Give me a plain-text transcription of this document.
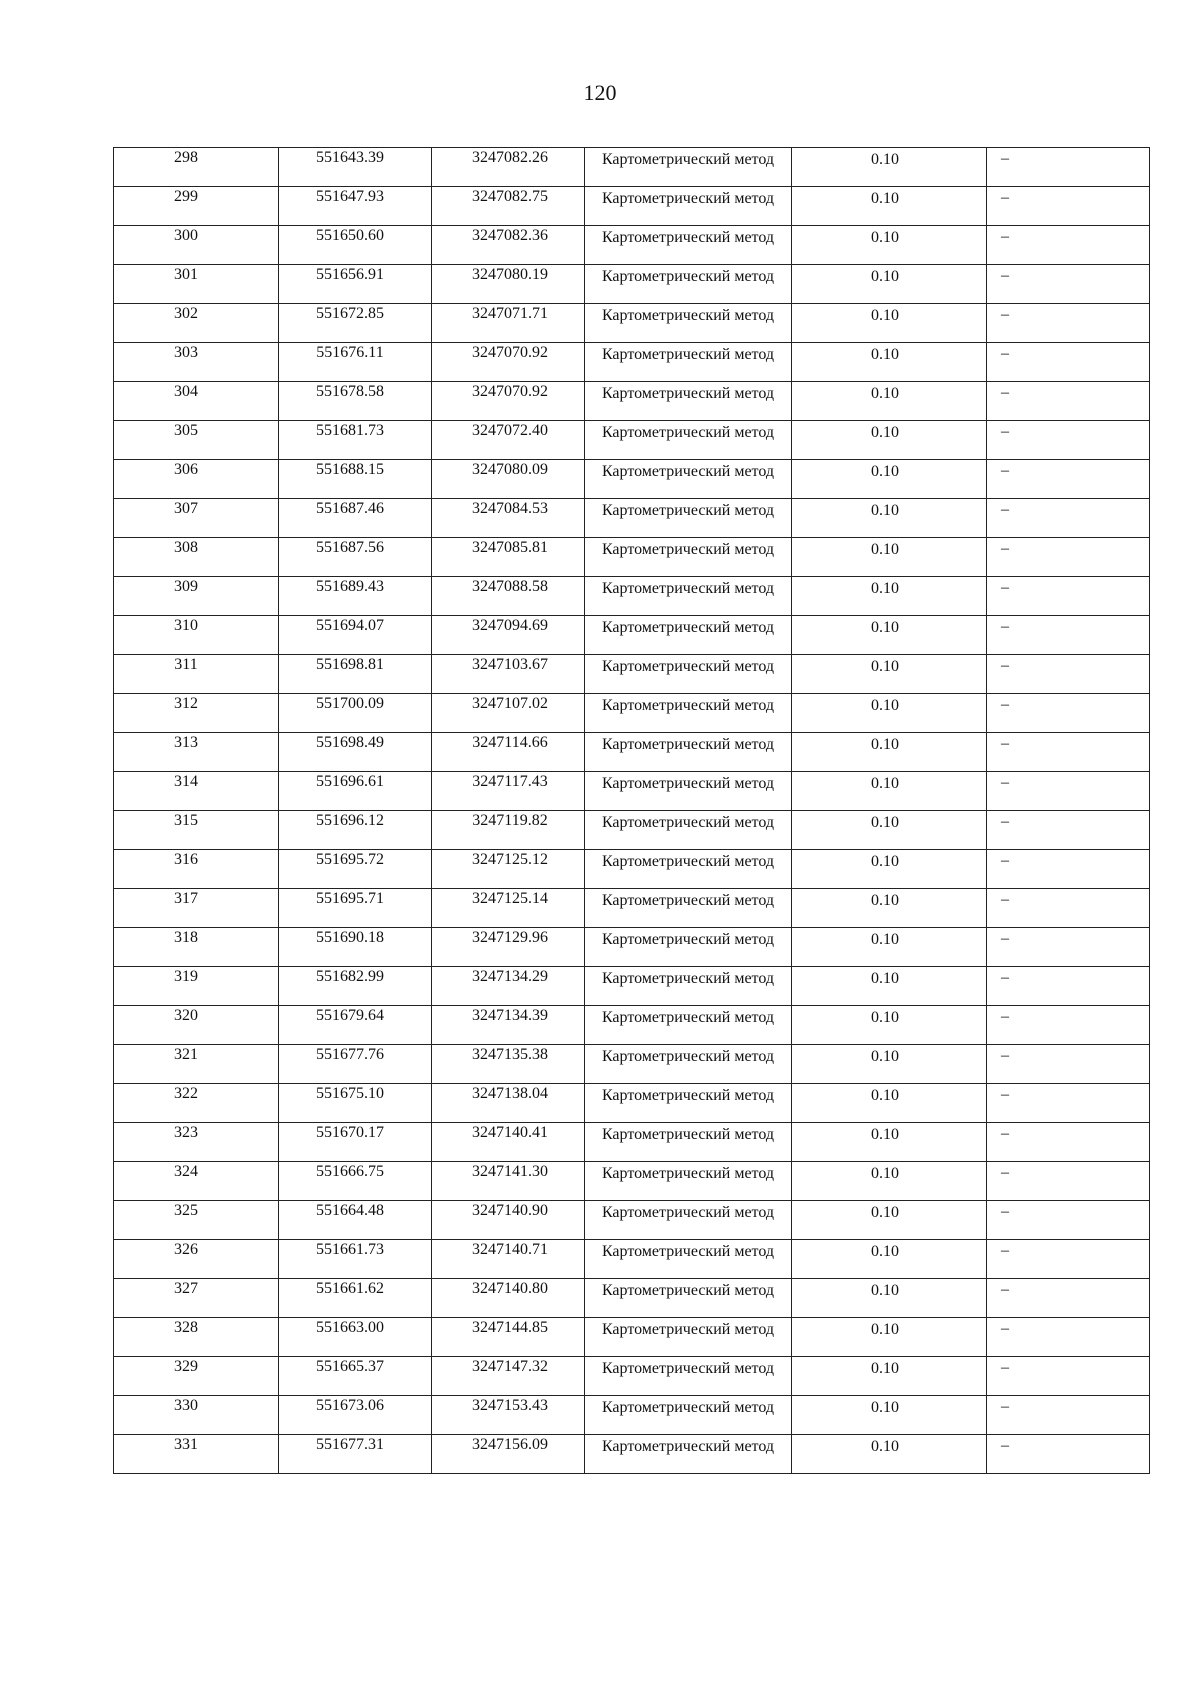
120
298	551643.39	3247082.26	Картометрический метод	0.10	–

299	551647.93	3247082.75	Картометрический метод	0.10	–

300	551650.60	3247082.36	Картометрический метод	0.10	–

301	551656.91	3247080.19	Картометрический метод	0.10	–

302	551672.85	3247071.71	Картометрический метод	0.10	–

303	551676.11	3247070.92	Картометрический метод	0.10	–

304	551678.58	3247070.92	Картометрический метод	0.10	–

305	551681.73	3247072.40	Картометрический метод	0.10	–

306	551688.15	3247080.09	Картометрический метод	0.10	–

307	551687.46	3247084.53	Картометрический метод	0.10	–

308	551687.56	3247085.81	Картометрический метод	0.10	–

309	551689.43	3247088.58	Картометрический метод	0.10	–

310	551694.07	3247094.69	Картометрический метод	0.10	–

311	551698.81	3247103.67	Картометрический метод	0.10	–

312	551700.09	3247107.02	Картометрический метод	0.10	–

313	551698.49	3247114.66	Картометрический метод	0.10	–

314	551696.61	3247117.43	Картометрический метод	0.10	–

315	551696.12	3247119.82	Картометрический метод	0.10	–

316	551695.72	3247125.12	Картометрический метод	0.10	–

317	551695.71	3247125.14	Картометрический метод	0.10	–

318	551690.18	3247129.96	Картометрический метод	0.10	–

319	551682.99	3247134.29	Картометрический метод	0.10	–

320	551679.64	3247134.39	Картометрический метод	0.10	–

321	551677.76	3247135.38	Картометрический метод	0.10	–

322	551675.10	3247138.04	Картометрический метод	0.10	–

323	551670.17	3247140.41	Картометрический метод	0.10	–

324	551666.75	3247141.30	Картометрический метод	0.10	–

325	551664.48	3247140.90	Картометрический метод	0.10	–

326	551661.73	3247140.71	Картометрический метод	0.10	–

327	551661.62	3247140.80	Картометрический метод	0.10	–

328	551663.00	3247144.85	Картометрический метод	0.10	–

329	551665.37	3247147.32	Картометрический метод	0.10	–

330	551673.06	3247153.43	Картометрический метод	0.10	–

331	551677.31	3247156.09	Картометрический метод	0.10	–
